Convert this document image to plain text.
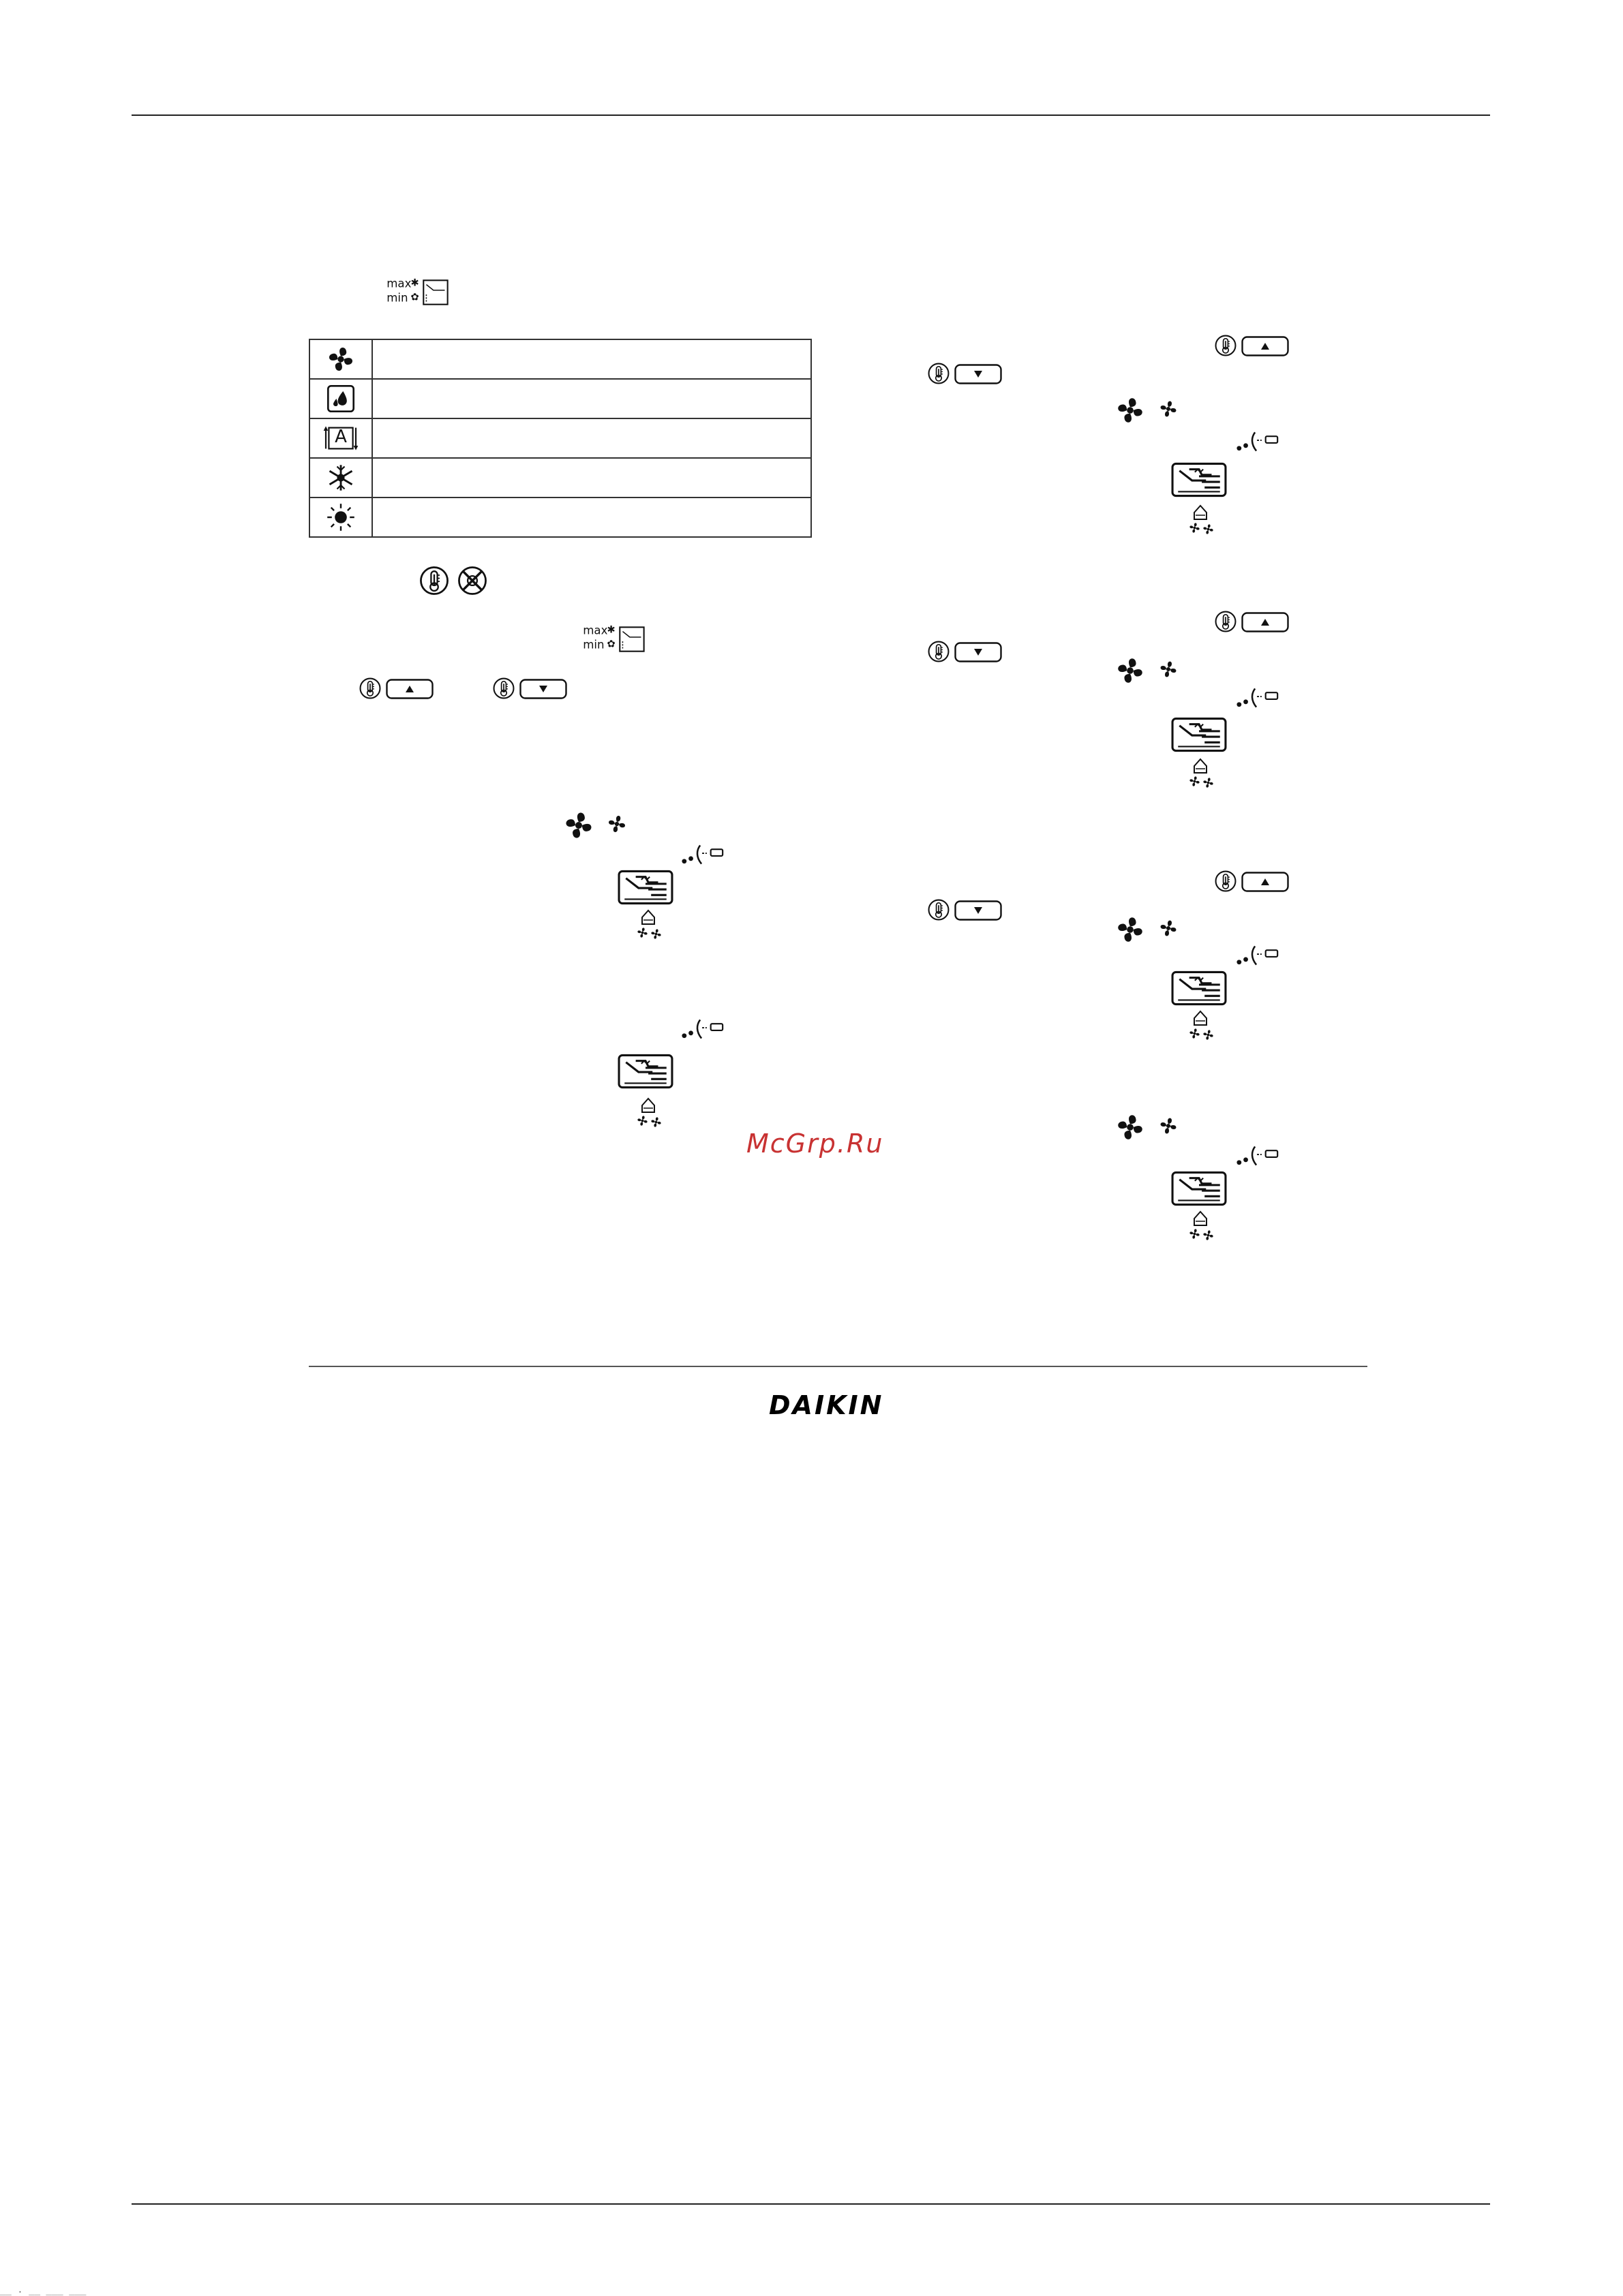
A	

McGrp.Ru
DAIKIN
__ . __ ___ ___
